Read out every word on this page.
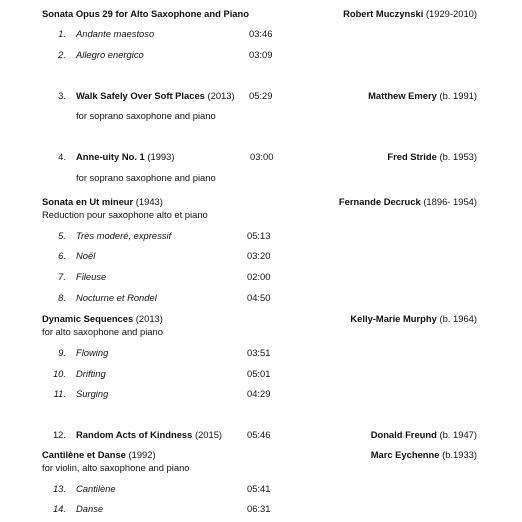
Sonata Opus 29 for Alto Saxophone and Piano	Robert Muczynski (1929-2010)
1. Andante maestoso	03:46
2. Allegro energico	03:09
3. Walk Safely Over Soft Places (2013) 05:29	Matthew Emery (b. 1991)
for soprano saxophone and piano
4. Anne-uity No. 1 (1993)	03:00	Fred Stride (b. 1953)
for soprano saxophone and piano
Sonata en Ut mineur (1943)	Fernande Decruck (1896- 1954)
Reduction pour saxophone alto et piano
5. Très moderé, expressif	05:13
6. Noël	03:20
7. Fileuse	02:00
8. Nocturne et Rondel	04:50
Dynamic Sequences (2013)	Kelly-Marie Murphy (b. 1964)
for alto saxophone and piano
9. Flowing	03:51
10. Drifting	05:01
11. Surging	04:29
12. Random Acts of Kindness (2015)	05:46	Donald Freund (b. 1947)
Cantilène et Danse (1992)	Marc Eychenne (b.1933)
for violin, alto saxophone and piano
13. Cantilène	05:41
14. Danse	06:31
